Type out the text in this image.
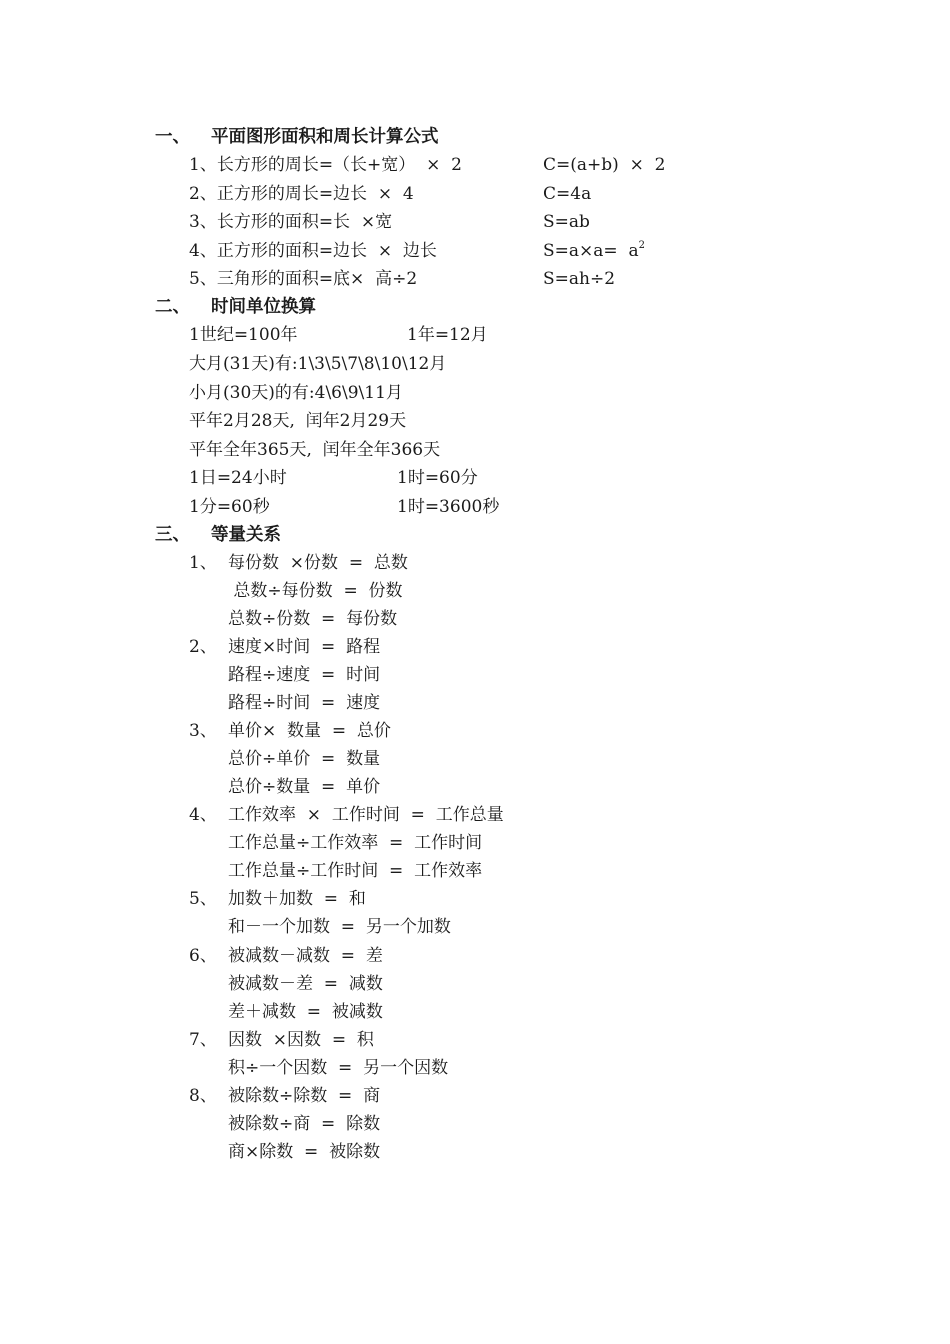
一、 平面图形面积和周长计算公式
1、长方形的周长=（长+宽）  ×  2	C=(a+b)  ×  2
2、正方形的周长=边长  ×  4	C=4a
3、长方形的面积=长  ×宽	S=ab
4、正方形的面积=边长  ×  边长	$S=a\times a= a^2$
5、三角形的面积=底×  高÷2	S=ah÷2
二、 时间单位换算
1世纪=100年	1年=12月
大月(31天)有:1\3\5\7\8\10\12月
小月(30天)的有:4\6\9\11月
平年2月28天,  闰年2月29天
平年全年365天,  闰年全年366天
1日=24小时	1时=60分
1分=60秒	1时=3600秒
三、 等量关系
1、 每份数  ×份数  =  总数
总数÷每份数  =  份数
总数÷份数  =  每份数
2、 速度×时间  =  路程
路程÷速度  =  时间
路程÷时间  =  速度
3、 单价×  数量  =  总价
总价÷单价  =  数量
总价÷数量  =  单价
4、 工作效率  ×  工作时间  =  工作总量
工作总量÷工作效率  =  工作时间
工作总量÷工作时间  =  工作效率
5、 加数＋加数  =  和
和－一个加数  =  另一个加数
6、 被减数－减数  =  差
被减数－差  =  减数
差＋减数  =  被减数
7、 因数  ×因数  =  积
积÷一个因数  =  另一个因数
8、 被除数÷除数  =  商
被除数÷商  =  除数
商×除数  =  被除数
